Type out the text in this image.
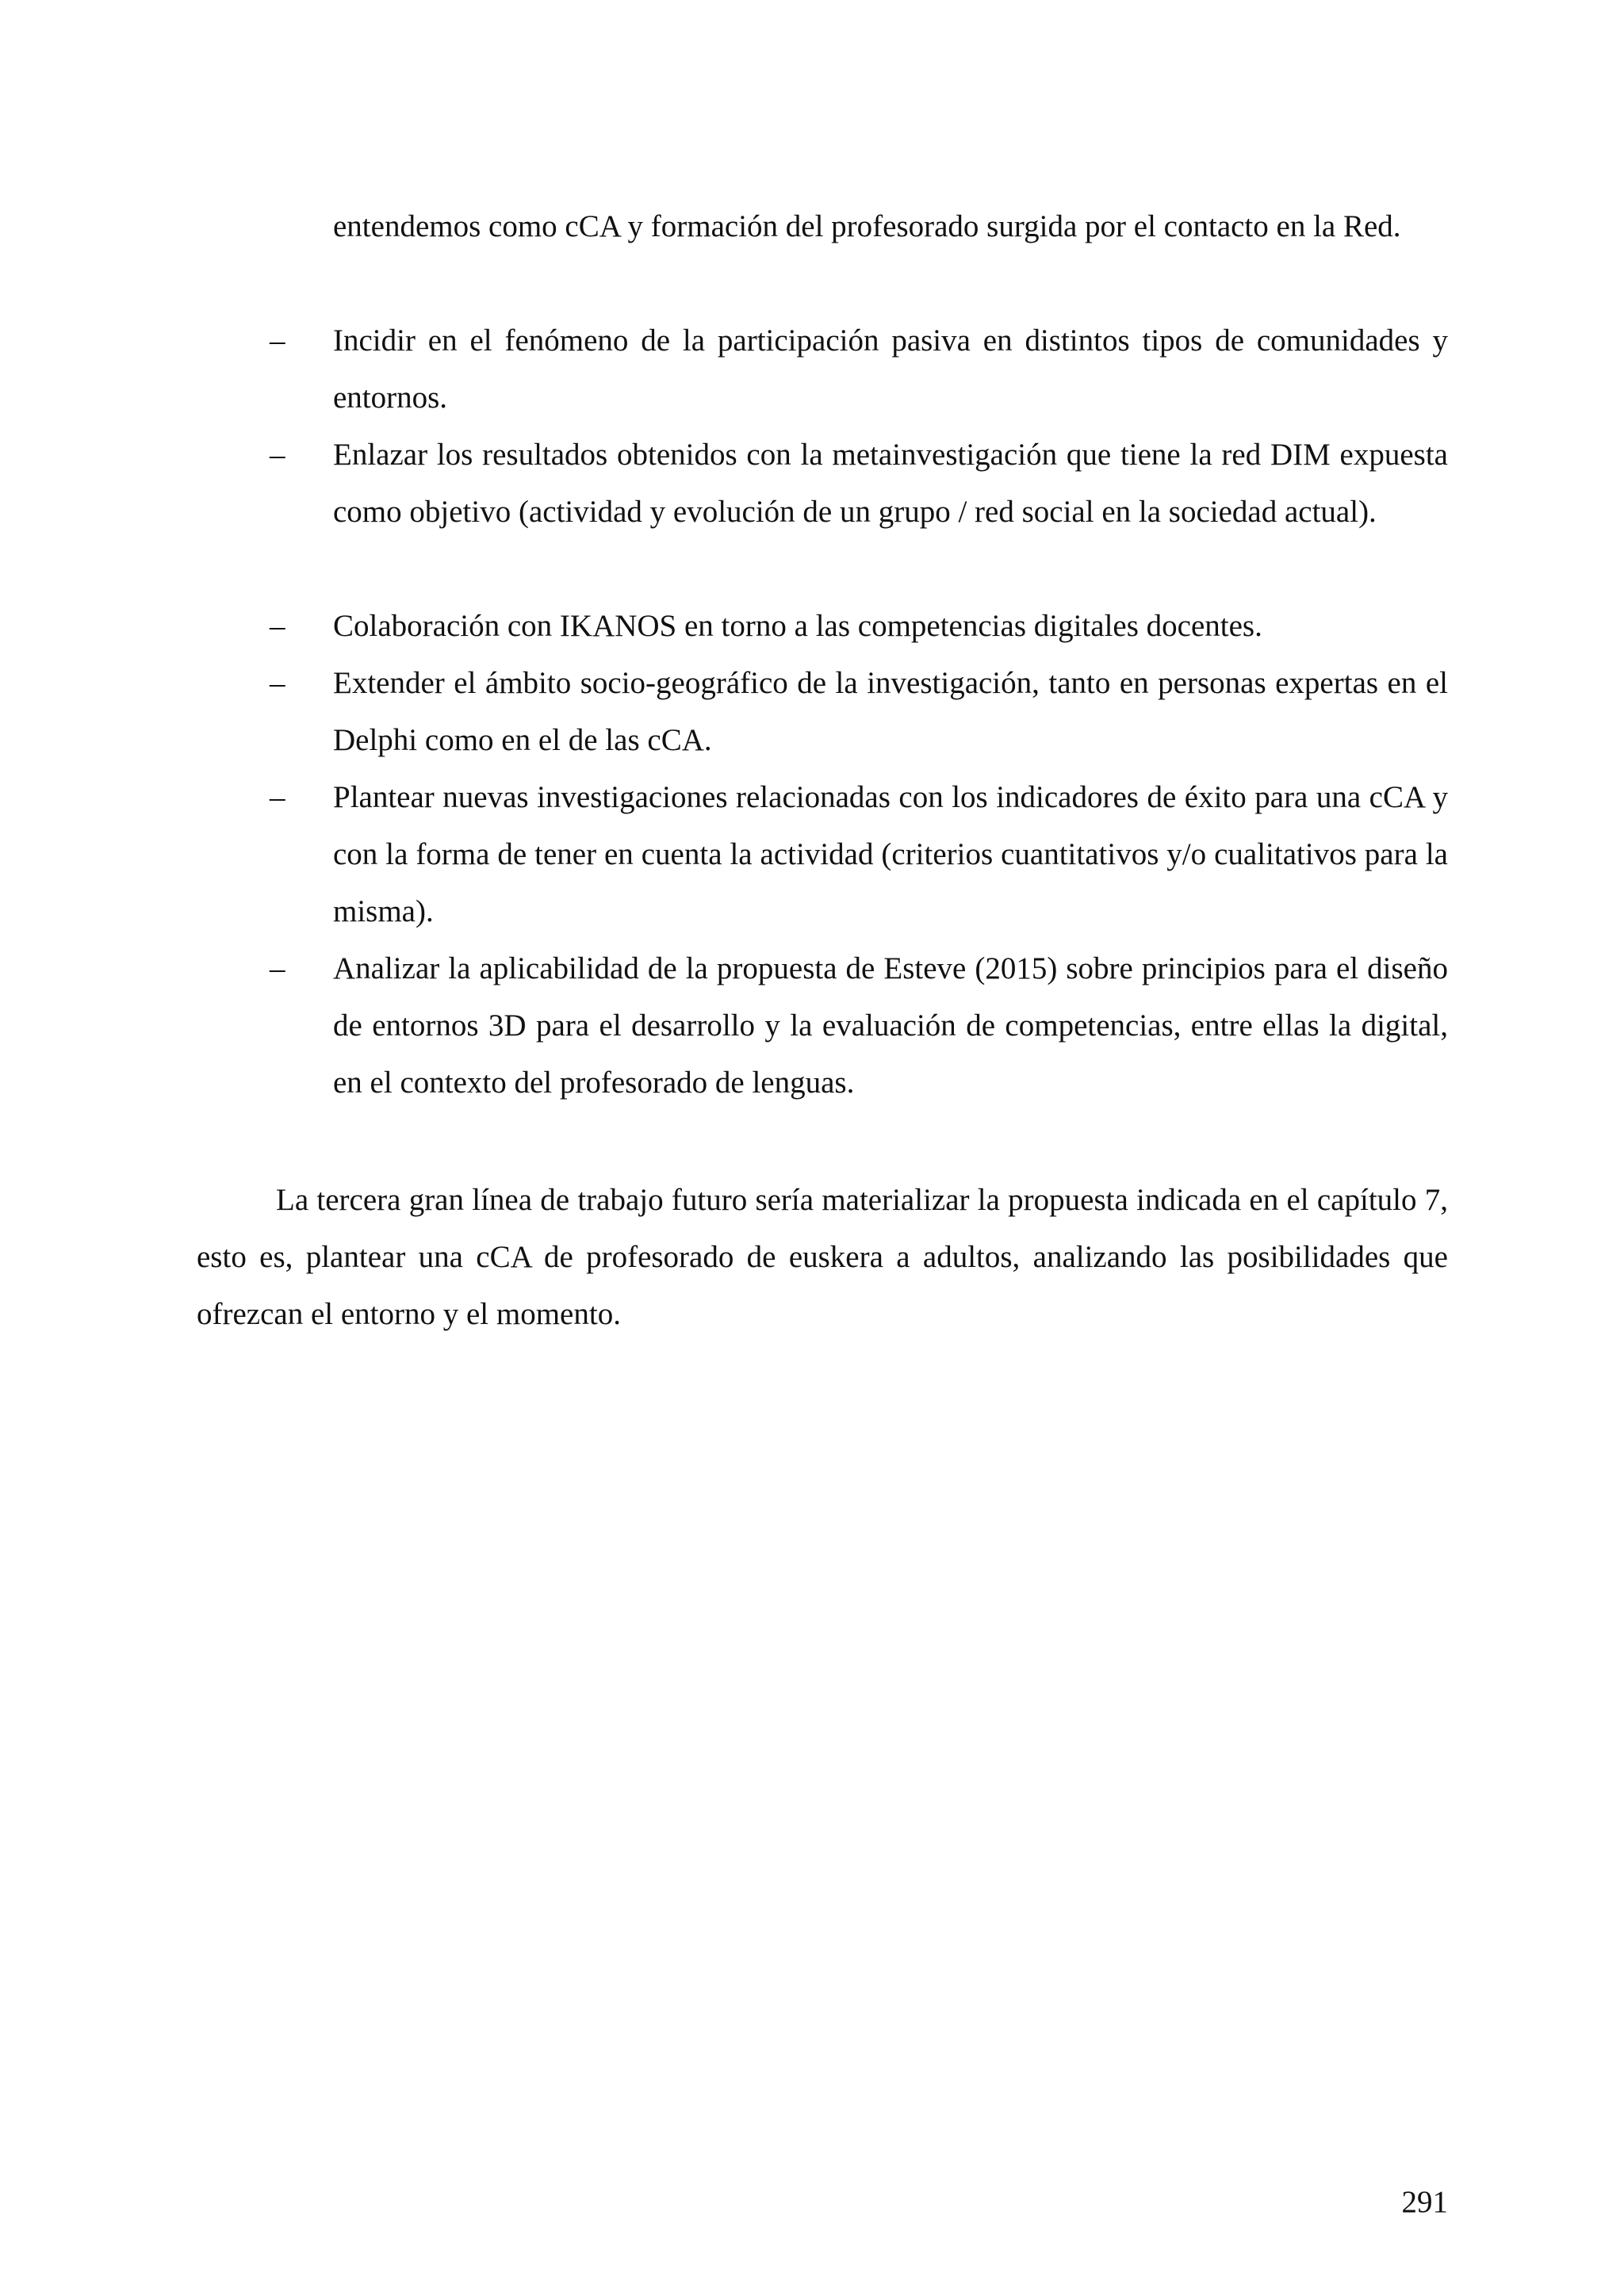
entendemos como cCA y formación del profesorado surgida por el contacto en la Red.
–	Incidir en el fenómeno de la participación pasiva en distintos tipos de comunidades y entornos.
–	Enlazar los resultados obtenidos con la metainvestigación que tiene la red DIM expuesta como objetivo (actividad y evolución de un grupo / red social en la sociedad actual).
–	Colaboración con IKANOS en torno a las competencias digitales docentes.
–	Extender el ámbito socio-geográfico de la investigación, tanto en personas expertas en el Delphi como en el de las cCA.
–	Plantear nuevas investigaciones relacionadas con los indicadores de éxito para una cCA y con la forma de tener en cuenta la actividad (criterios cuantitativos y/o cualitativos para la misma).
–	Analizar la aplicabilidad de la propuesta de Esteve (2015) sobre principios para el diseño de entornos 3D para el desarrollo y la evaluación de competencias, entre ellas la digital, en el contexto del profesorado de lenguas.
La tercera gran línea de trabajo futuro sería materializar la propuesta indicada en el capítulo 7, esto es, plantear una cCA de profesorado de euskera a adultos, analizando las posibilidades que ofrezcan el entorno y el momento.
291
